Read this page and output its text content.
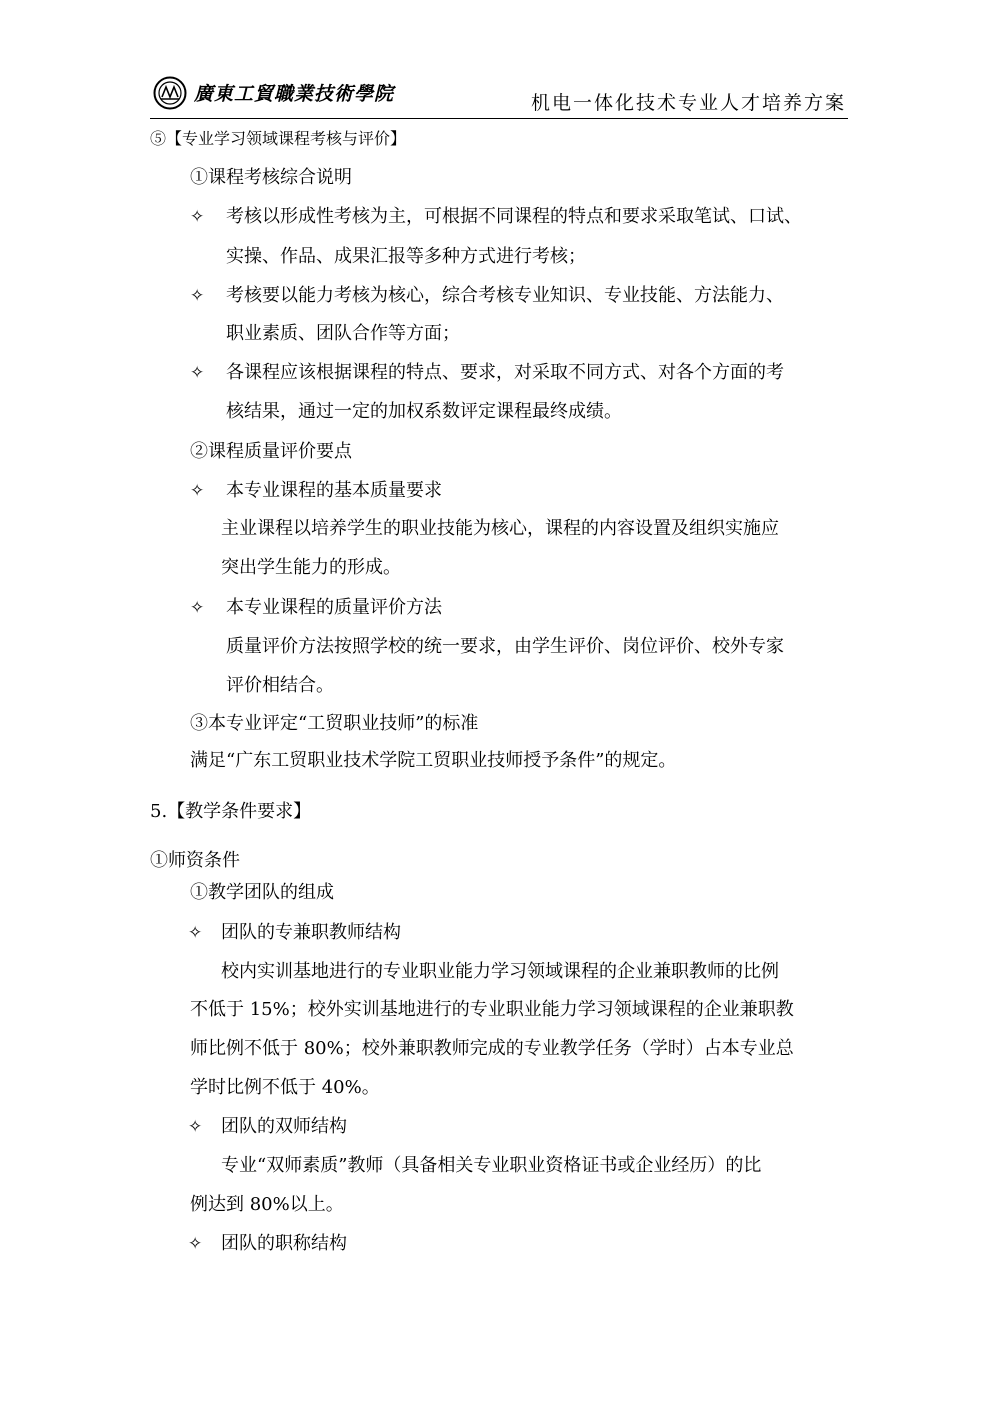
廣東工貿職業技術學院	机电一体化技术专业人才培养方案
⑤【专业学习领域课程考核与评价】
①课程考核综合说明
✧ 考核以形成性考核为主，可根据不同课程的特点和要求采取笔试、口试、
实操、作品、成果汇报等多种方式进行考核；
✧ 考核要以能力考核为核心，综合考核专业知识、专业技能、方法能力、
职业素质、团队合作等方面；
✧ 各课程应该根据课程的特点、要求，对采取不同方式、对各个方面的考
核结果，通过一定的加权系数评定课程最终成绩。
②课程质量评价要点
✧ 本专业课程的基本质量要求
主业课程以培养学生的职业技能为核心，课程的内容设置及组织实施应
突出学生能力的形成。
✧ 本专业课程的质量评价方法
质量评价方法按照学校的统一要求，由学生评价、岗位评价、校外专家
评价相结合。
③本专业评定“工贸职业技师”的标准
满足“广东工贸职业技术学院工贸职业技师授予条件”的规定。
5.【教学条件要求】
①师资条件
①教学团队的组成
✧ 团队的专兼职教师结构
校内实训基地进行的专业职业能力学习领域课程的企业兼职教师的比例
不低于 15%；校外实训基地进行的专业职业能力学习领域课程的企业兼职教
师比例不低于 80%；校外兼职教师完成的专业教学任务（学时）占本专业总
学时比例不低于 40%。
✧ 团队的双师结构
专业“双师素质”教师（具备相关专业职业资格证书或企业经历）的比
例达到 80%以上。
✧ 团队的职称结构
